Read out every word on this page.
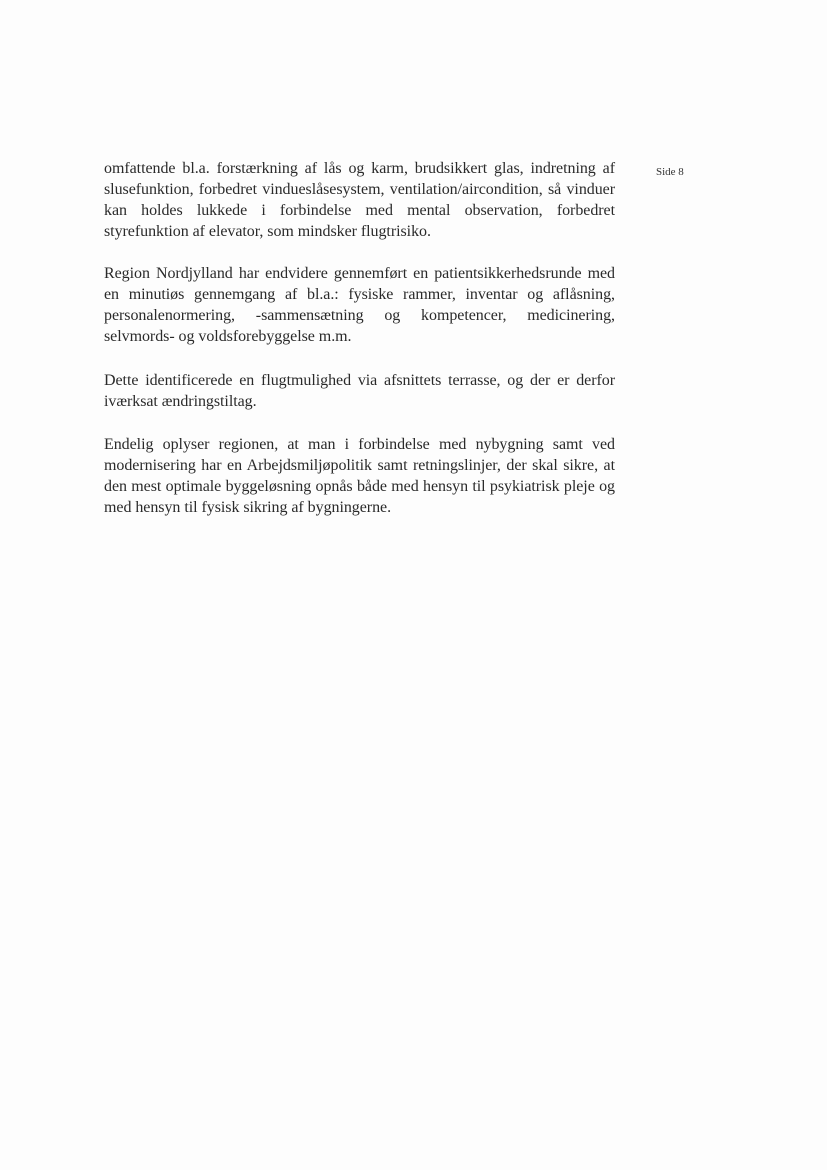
Side 8

omfattende bl.a. forstærkning af lås og karm, brudsikkert glas, indretning af slusefunktion, forbedret vindueslåsesystem, ventilation/aircondition, så vinduer kan holdes lukkede i forbindelse med mental observation, forbedret styrefunktion af elevator, som mindsker flugtrisiko.

Region Nordjylland har endvidere gennemført en patientsikkerhedsrunde med en minutiøs gennemgang af bl.a.: fysiske rammer, inventar og aflåsning, personalenormering, -sammensætning og kompetencer, medicinering, selvmords- og voldsforebyggelse m.m.

Dette identificerede en flugtmulighed via afsnittets terrasse, og der er derfor iværksat ændringstiltag.

Endelig oplyser regionen, at man i forbindelse med nybygning samt ved modernisering har en Arbejdsmiljøpolitik samt retningslinjer, der skal sikre, at den mest optimale byggeløsning opnås både med hensyn til psykiatrisk pleje og med hensyn til fysisk sikring af bygningerne.
